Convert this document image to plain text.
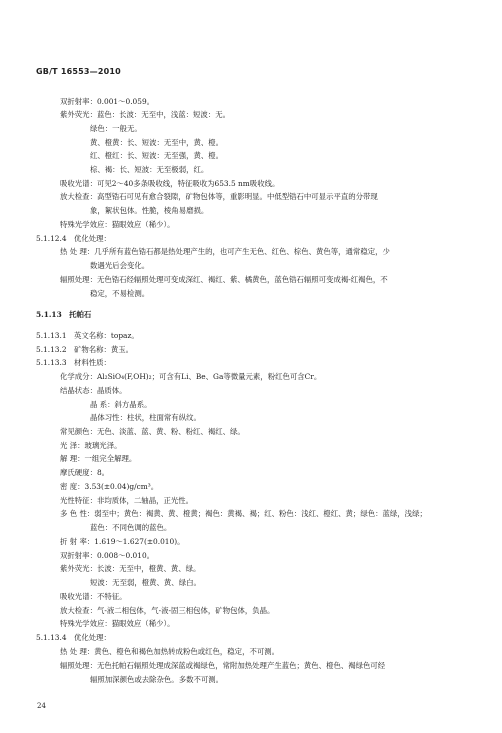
GB/T 16553—2010
双折射率：0.001～0.059。
紫外荧光：蓝色：长波：无至中，浅蓝：短波：无。
绿色：一般无。
黄、橙黄：长、短波：无至中，黄、橙。
红、橙红：长、短波：无至强，黄、橙。
棕、褐：长、短波：无至极弱，红。
吸收光谱：可见2～40多条吸收线，特征吸收为653.5 nm吸收线。
放大检查：高型锆石可见有愈合裂隙，矿物包体等，重影明显。中低型锆石中可显示平直的分带现
象，絮状包体。性脆，棱角易磨损。
特殊光学效应：猫眼效应（稀少）。
5.1.12.4　优化处理：
热 处 理：几乎所有蓝色锆石都是热处理产生的，也可产生无色、红色、棕色、黄色等，通常稳定，少
数遇光后会变化。
辐照处理：无色锆石经辐照处理可变成深红、褐红、紫、橘黄色，蓝色锆石辐照可变成褐-红褐色，不
稳定，不易检测。
5.1.13　托帕石
5.1.13.1　英文名称：topaz。
5.1.13.2　矿物名称：黄玉。
5.1.13.3　材料性质：
化学成分：Al₂SiO₄(F,OH)₂；可含有Li、Be、Ga等微量元素，粉红色可含Cr。
结晶状态：晶质体。
晶 系：斜方晶系。
晶体习性：柱状，柱面常有纵纹。
常见颜色：无色、淡蓝、蓝、黄、粉、粉红、褐红、绿。
光 泽：玻璃光泽。
解 理：一组完全解理。
摩氏硬度：8。
密 度：3.53(±0.04)g/cm³。
光性特征：非均质体，二轴晶，正光性。
多 色 性：弱至中；黄色：褐黄、黄、橙黄；褐色：黄褐、褐；红、粉色：浅红、橙红、黄；绿色：蓝绿，浅绿；
蓝色：不同色调的蓝色。
折 射 率：1.619～1.627(±0.010)。
双折射率：0.008～0.010。
紫外荧光：长波：无至中，橙黄、黄、绿。
短波：无至弱，橙黄、黄、绿白。
吸收光谱：不特征。
放大检查：气-液二相包体，气-液-固三相包体，矿物包体，负晶。
特殊光学效应：猫眼效应（稀少）。
5.1.13.4　优化处理：
热 处 理：黄色、橙色和褐色加热转成粉色或红色，稳定，不可测。
辐照处理：无色托帕石辐照处理成深蓝或褐绿色，常附加热处理产生蓝色；黄色、橙色、褐绿色可经
辐照加深颜色或去除杂色。多数不可测。
24
